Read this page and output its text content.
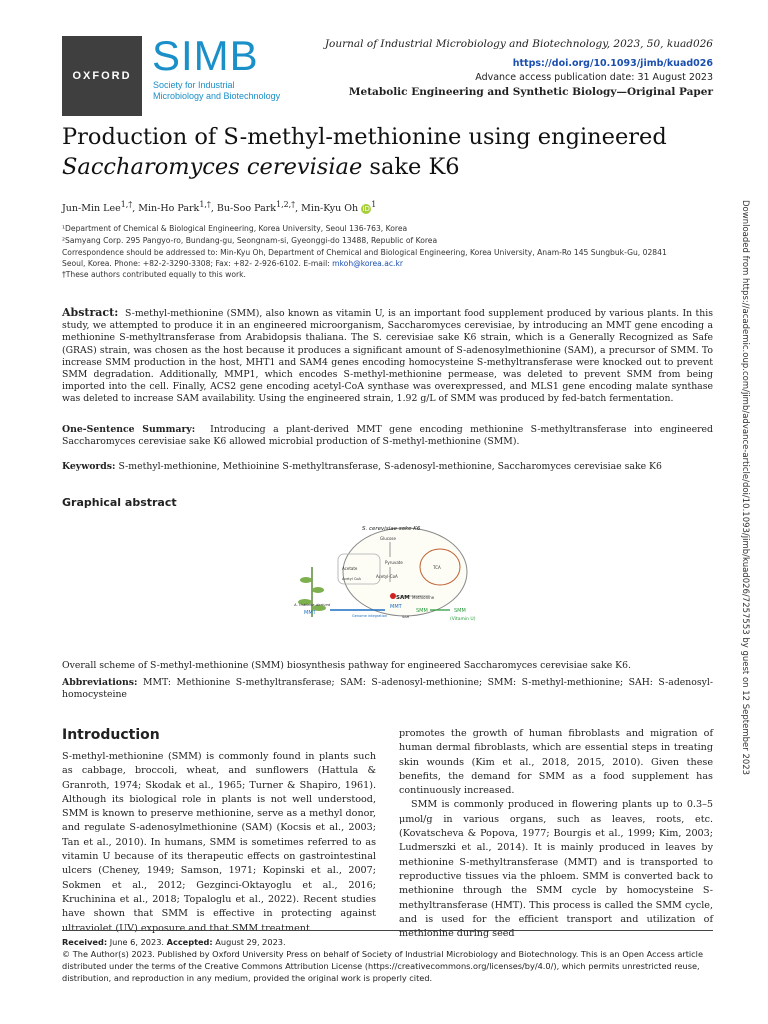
OXFORD SIMB
Society for Industrial Microbiology and Biotechnology
Journal of Industrial Microbiology and Biotechnology, 2023, 50, kuad026
https://doi.org/10.1093/jimb/kuad026
Advance access publication date: 31 August 2023
Metabolic Engineering and Synthetic Biology—Original Paper
Production of S-methyl-methionine using engineered
Saccharomyces cerevisiae sake K6
Jun-Min Lee$^{1,\dagger}$, Min-Ho Park$^{1,\dagger}$, Bu-Soo Park$^{1,2,\dagger}$, Min-Kyu Oh $iD^1$
¹Department of Chemical & Biological Engineering, Korea University, Seoul 136-763, Korea
²Samyang Corp. 295 Pangyo-ro, Bundang-gu, Seongnam-si, Gyeonggi-do 13488, Republic of Korea
Correspondence should be addressed to: Min-Kyu Oh, Department of Chemical and Biological Engineering, Korea University, Anam-Ro 145 Sungbuk-Gu, 02841
Seoul, Korea. Phone: +82-2-3290-3308; Fax: +82- 2-926-6102. E-mail: mkoh@korea.ac.kr
†These authors contributed equally to this work.
Abstract: S-methyl-methionine (SMM), also known as vitamin U, is an important food supplement produced by various plants. In this study, we attempted to produce it in an engineered microorganism, Saccharomyces cerevisiae, by introducing an MMT gene encoding a methionine S-methyltransferase from Arabidopsis thaliana. The S. cerevisiae sake K6 strain, which is a Generally Recognized as Safe (GRAS) strain, was chosen as the host because it produces a significant amount of S-adenosylmethionine (SAM), a precursor of SMM. To increase SMM production in the host, MHT1 and SAM4 genes encoding homocysteine S-methyltransferase were knocked out to prevent SMM degradation. Additionally, MMP1, which encodes S-methyl-methionine permease, was deleted to prevent SMM from being imported into the cell. Finally, ACS2 gene encoding acetyl-CoA synthase was overexpressed, and MLS1 gene encoding malate synthase was deleted to increase SAM availability. Using the engineered strain, 1.92 g/L of SMM was produced by fed-batch fermentation.
One-Sentence Summary: Introducing a plant-derived MMT gene encoding methionine S-methyltransferase into engineered Saccharomyces cerevisiae sake K6 allowed microbial production of S-methyl-methionine (SMM).
Keywords: S-methyl-methionine, Methioinine S-methyltransferase, S-adenosyl-methionine, Saccharomyces cerevisiae sake K6
Graphical abstract
S. cerevisiae sake K6
Glucose
Pyruvate
Acetate
Acetyl-CoA
Acetyl CoA
TCA
SAM Methionine
MMT
SMM	SMM
(Vitamin U)
A. thaliana-derived
MMT	Genome integration	SAH
Overall scheme of S-methyl-methionine (SMM) biosynthesis pathway for engineered Saccharomyces cerevisiae sake K6.
Abbreviations: MMT: Methionine S-methyltransferase; SAM: S-adenosyl-methionine; SMM: S-methyl-methionine; SAH: S-adenosyl-homocysteine	Downloaded from https://academic.oup.com/jimb/advance-article/doi/10.1093/jimb/kuad026/7257553 by guest on 12 September 2023
Introduction
S-methyl-methionine (SMM) is commonly found in plants such as cabbage, broccoli, wheat, and sunflowers (Hattula & Granroth, 1974; Skodak et al., 1965; Turner & Shapiro, 1961). Although its biological role in plants is not well understood, SMM is known to preserve methionine, serve as a methyl donor, and regulate S-adenosylmethionine (SAM) (Kocsis et al., 2003; Tan et al., 2010). In humans, SMM is sometimes referred to as vitamin U because of its therapeutic effects on gastrointestinal ulcers (Cheney, 1949; Samson, 1971; Kopinski et al., 2007; Sokmen et al., 2012; Gezginci-Oktayoglu et al., 2016; Kruchinina et al., 2018; Topaloglu et al., 2022). Recent studies have shown that SMM is effective in protecting against ultraviolet (UV) exposure and that SMM treatment
promotes the growth of human fibroblasts and migration of human dermal fibroblasts, which are essential steps in treating skin wounds (Kim et al., 2018, 2015, 2010). Given these benefits, the demand for SMM as a food supplement has continuously increased.
SMM is commonly produced in flowering plants up to 0.3–5 μmol/g in various organs, such as leaves, roots, etc. (Kovatscheva & Popova, 1977; Bourgis et al., 1999; Kim, 2003; Ludmerszki et al., 2014). It is mainly produced in leaves by methionine S-methyltransferase (MMT) and is transported to reproductive tissues via the phloem. SMM is converted back to methionine through the SMM cycle by homocysteine S-methyltransferase (HMT). This process is called the SMM cycle, and is used for the efficient transport and utilization of methionine during seed
Received: June 6, 2023. Accepted: August 29, 2023.
© The Author(s) 2023. Published by Oxford University Press on behalf of Society of Industrial Microbiology and Biotechnology. This is an Open Access article distributed under the terms of the Creative Commons Attribution License (https://creativecommons.org/licenses/by/4.0/), which permits unrestricted reuse, distribution, and reproduction in any medium, provided the original work is properly cited.
